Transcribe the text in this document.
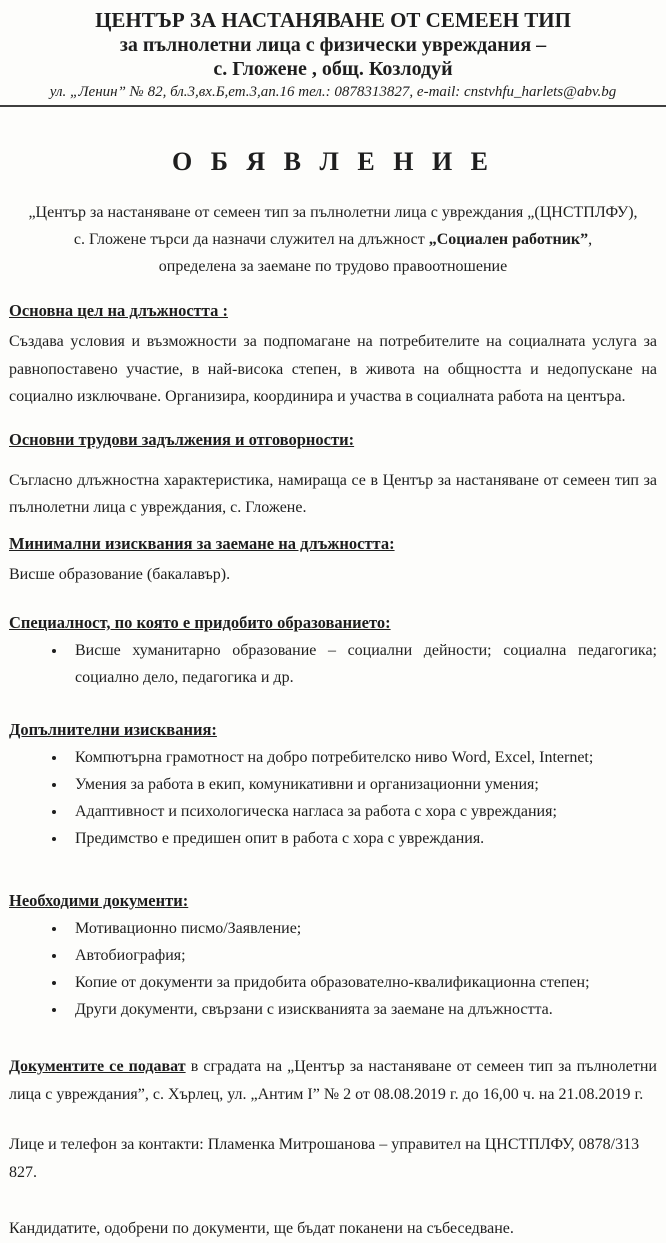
ЦЕНТЪР ЗА НАСТАНЯВАНЕ ОТ СЕМЕЕН ТИП
за пълнолетни лица с физически увреждания –
с. Гложене , общ. Козлодуй
ул. „Ленин” № 82, бл.3,вх.Б,ет.3,ап.16 тел.: 0878313827, e-mail: cnstvhfu_harlets@abv.bg
О Б Я В Л Е Н И Е
„Център за настаняване от семеен тип за пълнолетни лица с увреждания „(ЦНСТПЛФУ),
с. Гложене търси да назначи служител на длъжност „Социален работник”,
определена за заемане по трудово правоотношение
Основна цел на длъжността :

Създава условия и възможности за подпомагане на потребителите на социалната услуга за равнопоставено участие, в най-висока степен, в живота на общността и недопускане на социално изключване. Организира, координира и участва в социалната работа на центъра.

Основни трудови задължения и отговорности:

Съгласно длъжностна характеристика, намираща се в Център за настаняване от семеен тип за пълнолетни лица с увреждания, с. Гложене.

Минимални изисквания за заемане на длъжността:

Висше образование (бакалавър).

Специалност, по която е придобито образованието:
• Висше хуманитарно образование – социални дейности; социална педагогика; социално дело, педагогика и др.
Допълнителни изисквания:
• Компютърна грамотност на добро потребителско ниво Word, Excel, Internet;
• Умения за работа в екип, комуникативни и организационни умения;
• Адаптивност и психологическа нагласа за работа с хора с увреждания;
• Предимство е предишен опит в работа с хора с увреждания.
Необходими документи:
• Мотивационно писмо/Заявление;
• Автобиография;
• Копие от документи за придобита образователно-квалификационна степен;
• Други документи, свързани с изискванията за заемане на длъжността.

Документите се подават в сградата на „Център за настаняване от семеен тип за пълнолетни лица с увреждания”, с. Хърлец, ул. „Антим I” № 2 от 08.08.2019 г. до 16,00 ч. на 21.08.2019 г.

Лице и телефон за контакти: Пламенка Митрошанова – управител на ЦНСТПЛФУ, 0878/313 827.

Кандидатите, одобрени по документи, ще бъдат поканени на събеседване.
